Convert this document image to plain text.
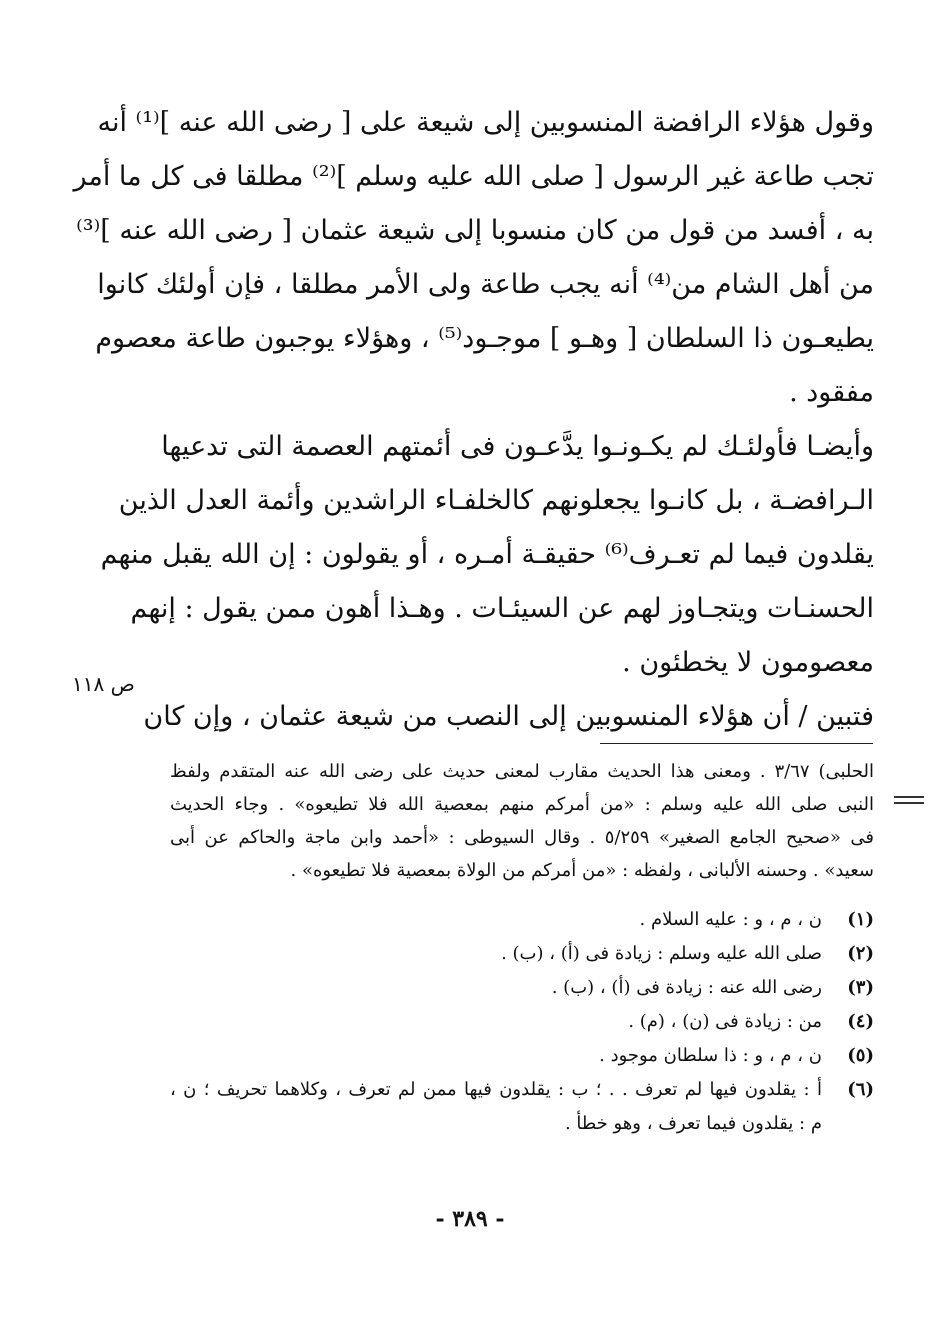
وقول هؤلاء الرافضة المنسوبين إلى شيعة على [ رضى الله عنه ]⁽¹⁾ أنه
تجب طاعة غير الرسول [ صلى الله عليه وسلم ]⁽²⁾ مطلقا فى كل ما أمر
به ، أفسد من قول من كان منسوبا إلى شيعة عثمان [ رضى الله عنه ]⁽³⁾
من أهل الشام من⁽⁴⁾ أنه يجب طاعة ولى الأمر مطلقا ، فإن أولئك كانوا
يطيعـون ذا السلطان [ وهـو ] موجـود⁽⁵⁾ ، وهؤلاء يوجبون طاعة معصوم
مفقود .
وأيضـا فأولئـك لم يكـونـوا يدَّعـون فى أئمتهم العصمة التى تدعيها
الـرافضـة ، بل كانـوا يجعلونهم كالخلفـاء الراشدين وأئمة العدل الذين
يقلدون فيما لم تعـرف⁽⁶⁾ حقيقـة أمـره ، أو يقولون : إن الله يقبل منهم
الحسنـات ويتجـاوز لهم عن السيئـات . وهـذا أهون ممن يقول : إنهم
معصومون لا يخطئون .
فتبين / أن هؤلاء المنسوبين إلى النصب من شيعة عثمان ، وإن كان
ص ١١٨
الحلبى) ٣/٦٧ . ومعنى هذا الحديث مقارب لمعنى حديث على رضى الله عنه المتقدم ولفظ
النبى صلى الله عليه وسلم : «من أمركم منهم بمعصية الله فلا تطيعوه» . وجاء الحديث
فى «صحيح الجامع الصغير» ٥/٢٥٩ . وقال السيوطى : «أحمد وابن ماجة والحاكم عن أبى
سعيد» . وحسنه الألبانى ، ولفظه : «من أمركم من الولاة بمعصية فلا تطيعوه» .
(١)
ن ، م ، و : عليه السلام .
(٢)
صلى الله عليه وسلم : زيادة فى (أ) ، (ب) .
(٣)
رضى الله عنه : زيادة فى (أ) ، (ب) .
(٤)
من : زيادة فى (ن) ، (م) .
(٥)
ن ، م ، و : ذا سلطان موجود .
(٦)
أ : يقلدون فيها لم تعرف . . ؛ ب : يقلدون فيها ممن لم تعرف ، وكلاهما تحريف ؛ ن ،
م : يقلدون فيما تعرف ، وهو خطأ .
- ٣٨٩ -
